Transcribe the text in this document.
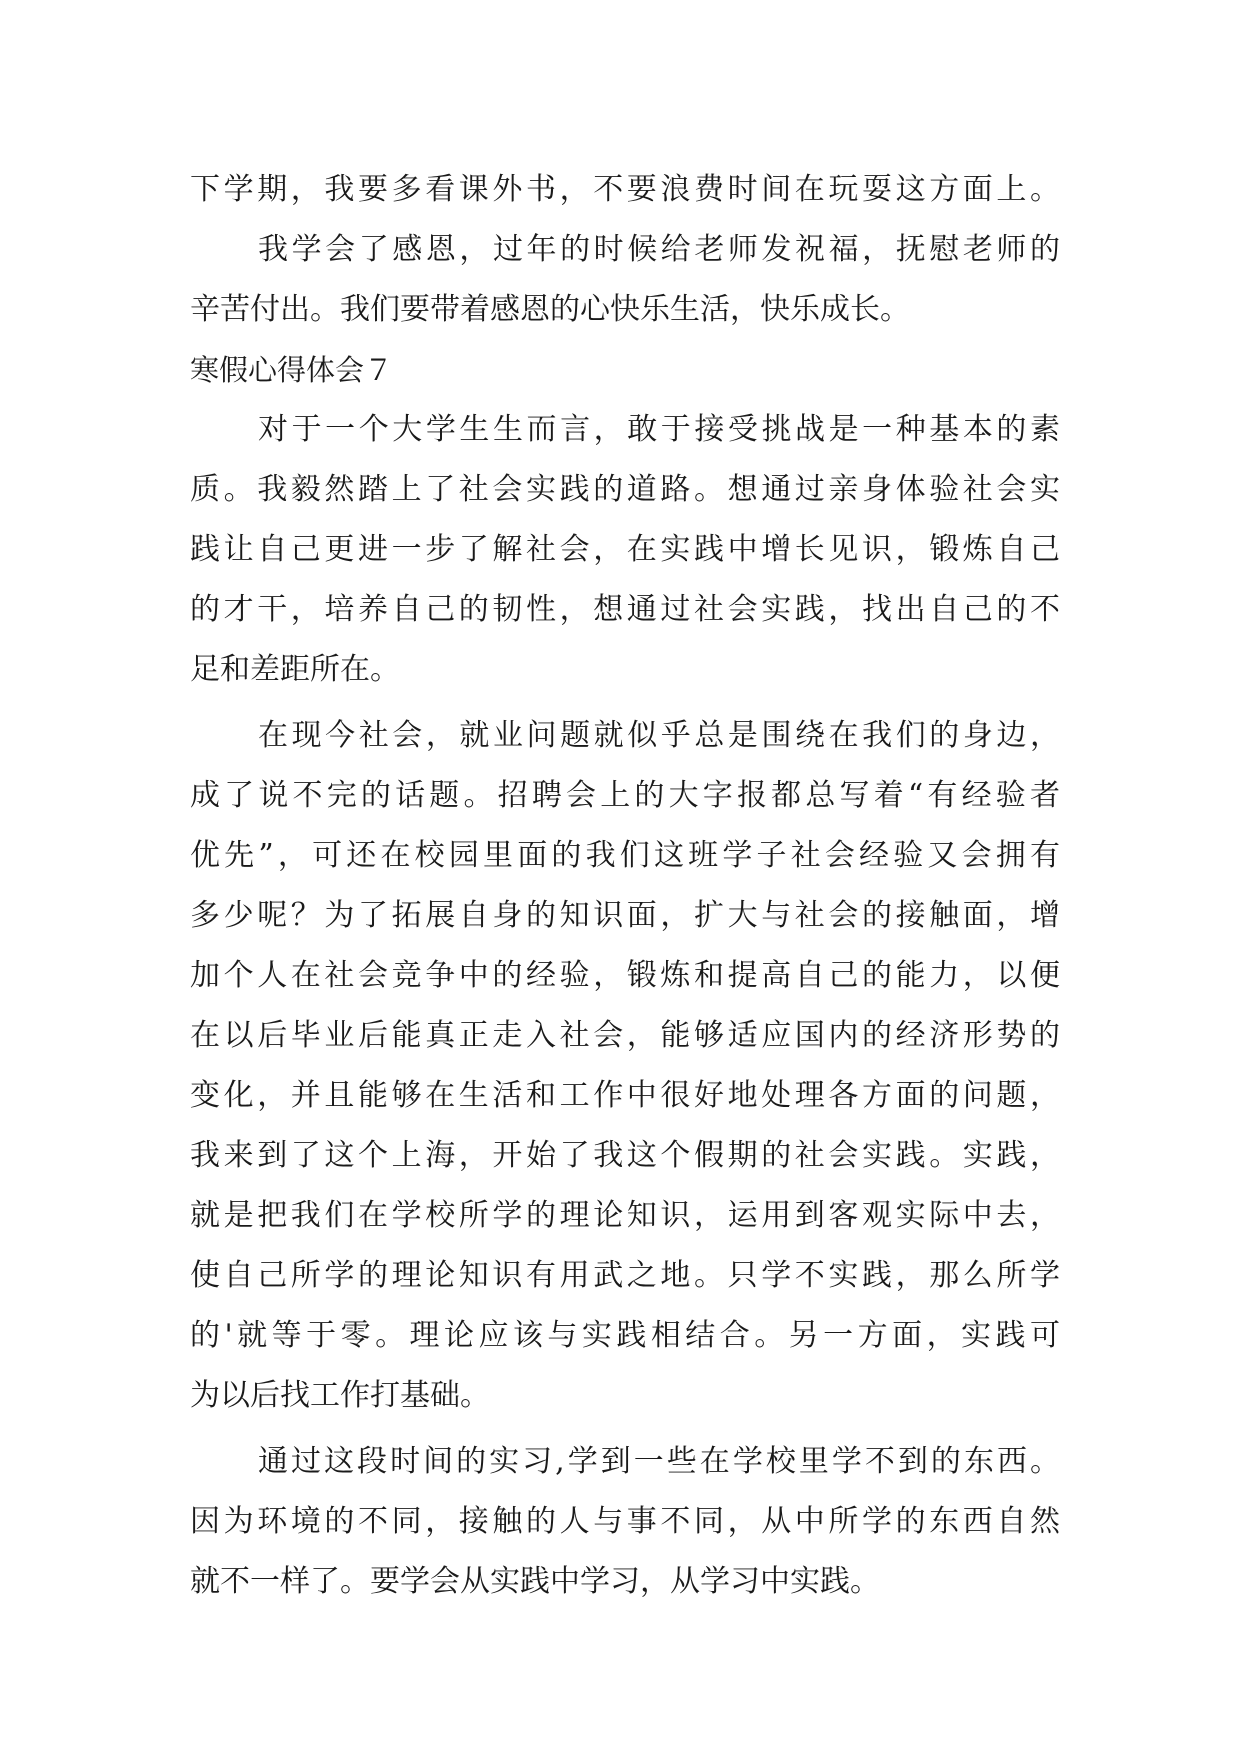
下学期，我要多看课外书，不要浪费时间在玩耍这方面上。
我学会了感恩，过年的时候给老师发祝福，抚慰老师的
辛苦付出。我们要带着感恩的心快乐生活，快乐成长。
寒假心得体会７
对于一个大学生生而言，敢于接受挑战是一种基本的素
质。我毅然踏上了社会实践的道路。想通过亲身体验社会实
践让自己更进一步了解社会，在实践中增长见识，锻炼自己
的才干，培养自己的韧性，想通过社会实践，找出自己的不
足和差距所在。
在现今社会，就业问题就似乎总是围绕在我们的身边，
成了说不完的话题。招聘会上的大字报都总写着“有经验者
优先”，可还在校园里面的我们这班学子社会经验又会拥有
多少呢？为了拓展自身的知识面，扩大与社会的接触面，增
加个人在社会竞争中的经验，锻炼和提高自己的能力，以便
在以后毕业后能真正走入社会，能够适应国内的经济形势的
变化，并且能够在生活和工作中很好地处理各方面的问题，
我来到了这个上海，开始了我这个假期的社会实践。实践，
就是把我们在学校所学的理论知识，运用到客观实际中去，
使自己所学的理论知识有用武之地。只学不实践，那么所学
的'就等于零。理论应该与实践相结合。另一方面，实践可
为以后找工作打基础。
通过这段时间的实习,学到一些在学校里学不到的东西。
因为环境的不同，接触的人与事不同，从中所学的东西自然
就不一样了。要学会从实践中学习，从学习中实践。
